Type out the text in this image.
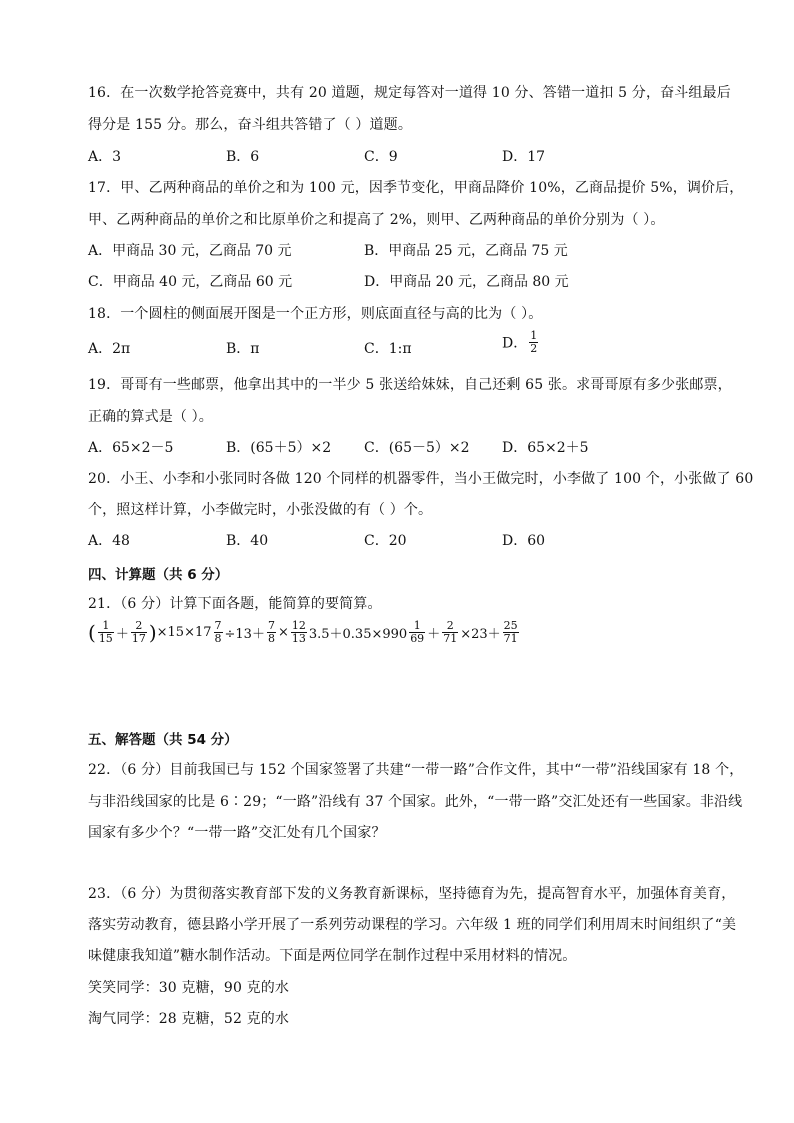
16．在一次数学抢答竞赛中，共有 20 道题，规定每答对一道得 10 分、答错一道扣 5 分，奋斗组最后
得分是 155 分。那么，奋斗组共答错了（ ）道题。
A．3	B．6	C．9	D．17
17．甲、乙两种商品的单价之和为 100 元，因季节变化，甲商品降价 10%，乙商品提价 5%，调价后，
甲、乙两种商品的单价之和比原单价之和提高了 2%，则甲、乙两种商品的单价分别为（ ）。
A．甲商品 30 元，乙商品 70 元	B．甲商品 25 元，乙商品 75 元
C．甲商品 40 元，乙商品 60 元	D．甲商品 20 元，乙商品 80 元
18．一个圆柱的侧面展开图是一个正方形，则底面直径与高的比为（ ）。
A．2π	B．π	C．1:π	D． $\frac{1}{2}$
19．哥哥有一些邮票，他拿出其中的一半少 5 张送给妹妹，自己还剩 65 张。求哥哥原有多少张邮票，
正确的算式是（ ）。
A．65×2－5	B．(65＋5）×2 C．(65－5）×2 D．65×2＋5
20．小王、小李和小张同时各做 120 个同样的机器零件，当小王做完时，小李做了 100 个，小张做了 60
个，照这样计算，小李做完时，小张没做的有（ ）个。
A．48	B．40	C．20	D．60
四、计算题（共 6 分）
21．（6 分）计算下面各题，能简算的要简算。
( $\frac{1}{15} + \frac{2}{17} )\times 15\times 17 \frac{7}{8} \div 13+ \frac{7}{8} \times \frac{12}{13} 3.5+0.35\times 990 \frac{1}{69} + \frac{2}{71} \times 23+ \frac{25}{71}$
五、解答题（共 54 分）
22．（6 分）目前我国已与 152 个国家签署了共建“一带一路”合作文件，其中“一带”沿线国家有 18 个，
与非沿线国家的比是 6∶29；“一路”沿线有 37 个国家。此外，“一带一路”交汇处还有一些国家。非沿线
国家有多少个？“一带一路”交汇处有几个国家？
23．（6 分）为贯彻落实教育部下发的义务教育新课标，坚持德育为先，提高智育水平，加强体育美育，
落实劳动教育，德县路小学开展了一系列劳动课程的学习。六年级 1 班的同学们利用周末时间组织了“美
味健康我知道”糖水制作活动。下面是两位同学在制作过程中采用材料的情况。
笑笑同学：30 克糖，90 克的水
淘气同学：28 克糖，52 克的水
